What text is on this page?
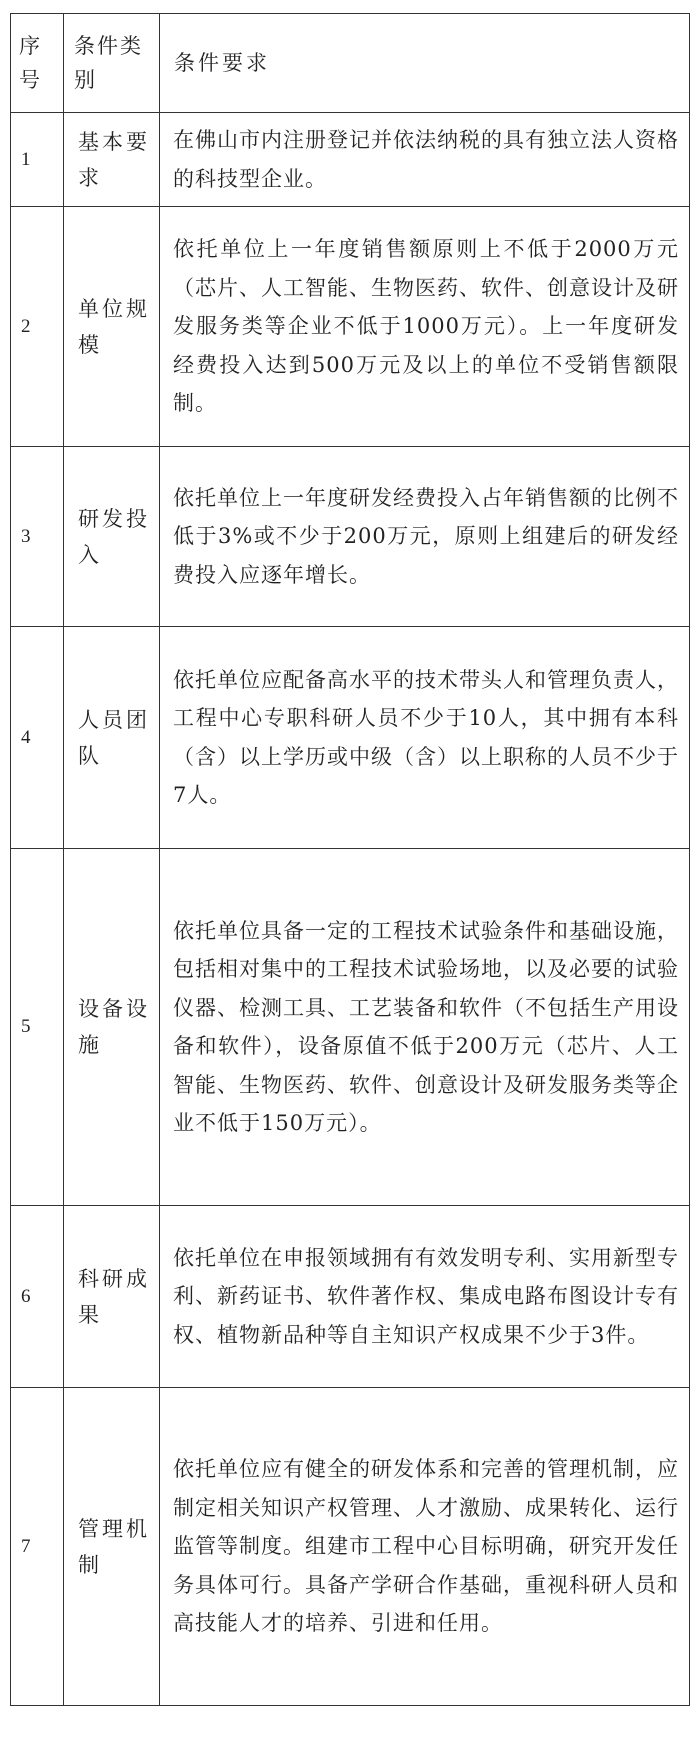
序号	条件类别	条件要求
1	基本要求	在佛山市内注册登记并依法纳税的具有独立法人资格的科技型企业。
2	单位规模	依托单位上一年度销售额原则上不低于2000万元（芯片、人工智能、生物医药、软件、创意设计及研发服务类等企业不低于1000万元）。上一年度研发经费投入达到500万元及以上的单位不受销售额限制。
3	研发投入	依托单位上一年度研发经费投入占年销售额的比例不低于3%或不少于200万元，原则上组建后的研发经费投入应逐年增长。
4	人员团队	依托单位应配备高水平的技术带头人和管理负责人，工程中心专职科研人员不少于10人，其中拥有本科（含）以上学历或中级（含）以上职称的人员不少于7人。
5	设备设施	依托单位具备一定的工程技术试验条件和基础设施，包括相对集中的工程技术试验场地，以及必要的试验仪器、检测工具、工艺装备和软件（不包括生产用设备和软件），设备原值不低于200万元（芯片、人工智能、生物医药、软件、创意设计及研发服务类等企业不低于150万元）。
6	科研成果	依托单位在申报领域拥有有效发明专利、实用新型专利、新药证书、软件著作权、集成电路布图设计专有权、植物新品种等自主知识产权成果不少于3件。
7	管理机制	依托单位应有健全的研发体系和完善的管理机制，应制定相关知识产权管理、人才激励、成果转化、运行监管等制度。组建市工程中心目标明确，研究开发任务具体可行。具备产学研合作基础，重视科研人员和高技能人才的培养、引进和任用。
